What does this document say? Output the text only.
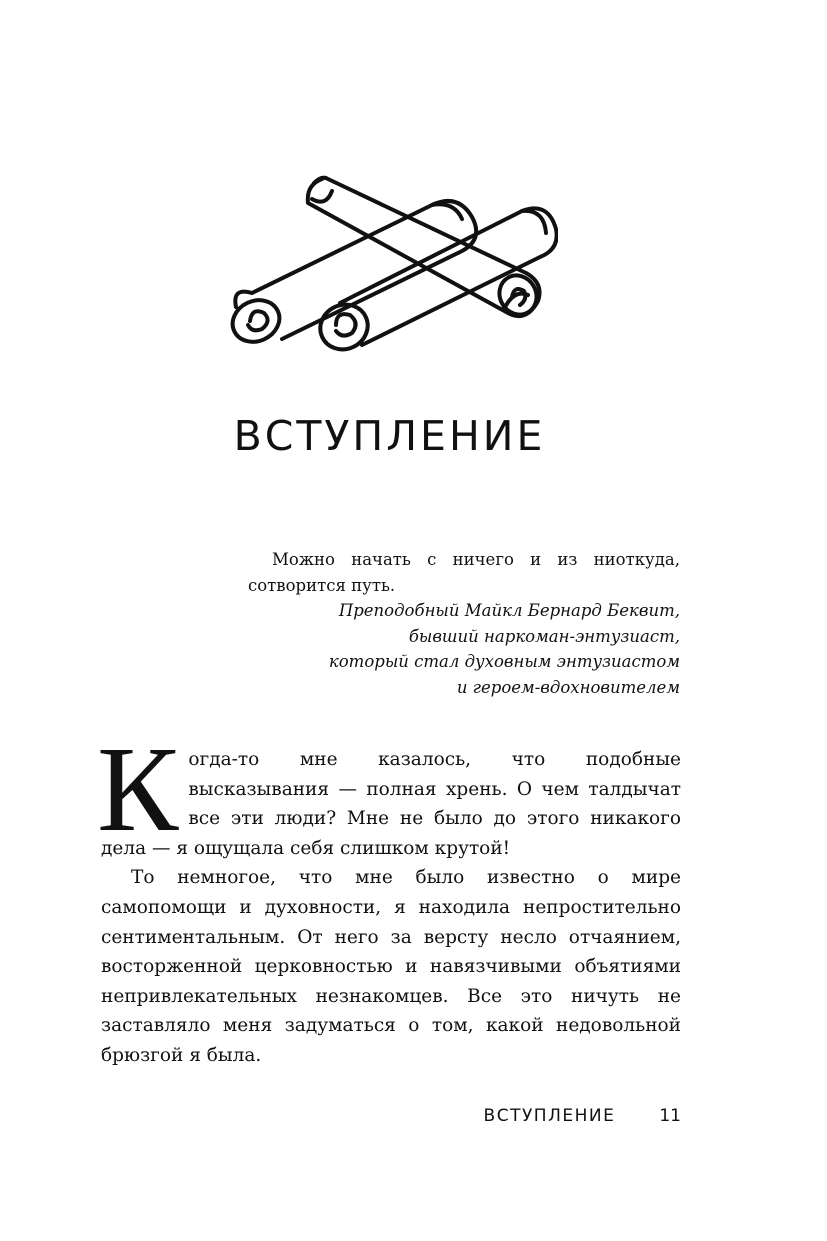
ВСТУПЛЕНИЕ

Можно начать с ничего и из ниоткуда, сотворится путь.

Преподобный Майкл Бернард Беквит,
бывший наркоман-энтузиаст,
который стал духовным энтузиастом
и героем-вдохновителем

Когда-то мне казалось, что подобные высказывания — полная хрень. О чем талдычат все эти люди? Мне не было до этого никакого дела — я ощущала себя слишком крутой!

То немногое, что мне было известно о мире самопомощи и духовности, я находила непростительно сентиментальным. От него за версту несло отчаянием, восторженной церковностью и навязчивыми объятиями непривлекательных незнакомцев. Все это ничуть не заставляло меня задуматься о том, какой недовольной брюзгой я была.

ВСТУПЛЕНИЕ	11
